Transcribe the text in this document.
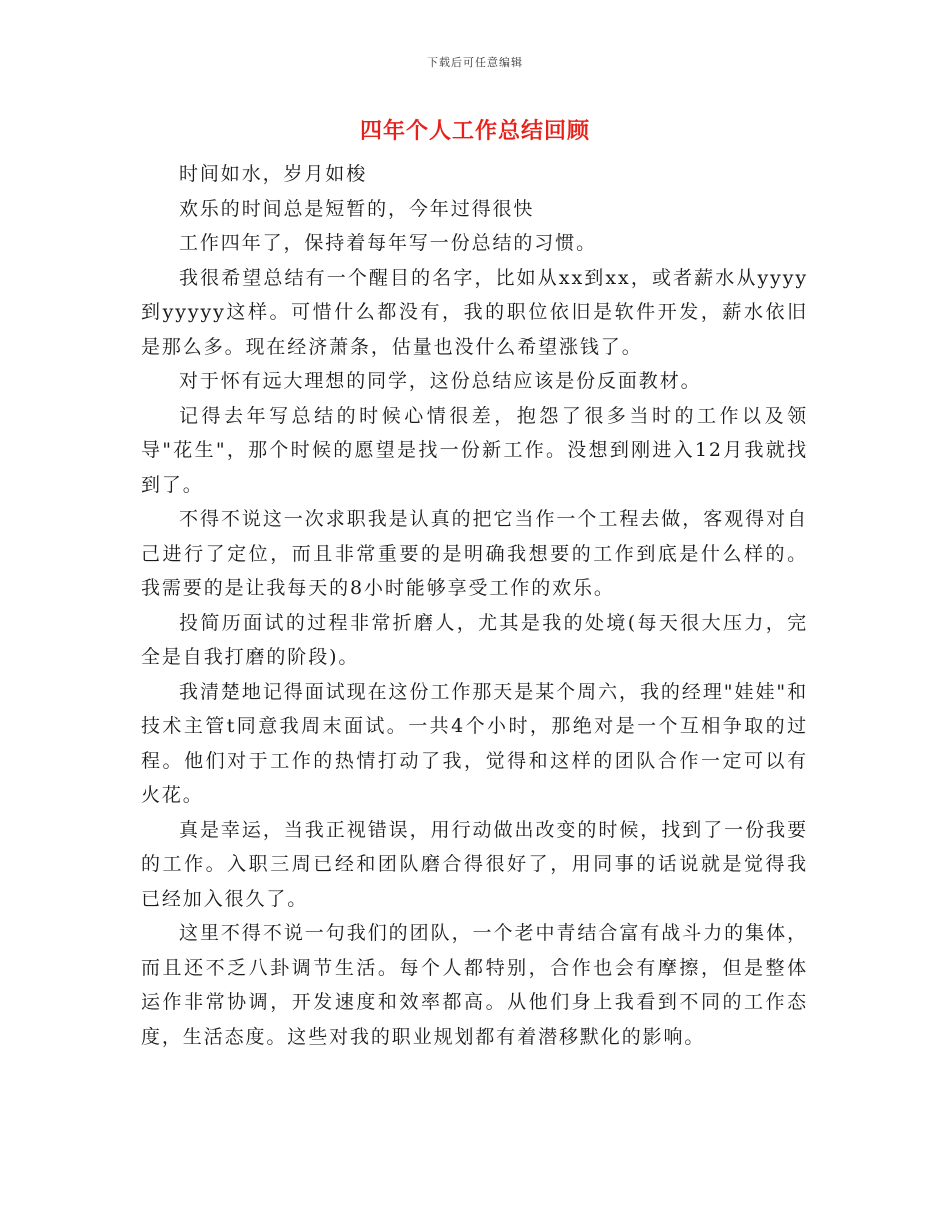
下载后可任意编辑
四年个人工作总结回顾

时间如水，岁月如梭

欢乐的时间总是短暂的，今年过得很快

工作四年了，保持着每年写一份总结的习惯。

我很希望总结有一个醒目的名字，比如从xx到xx，或者薪水从yyyy到yyyyy这样。可惜什么都没有，我的职位依旧是软件开发，薪水依旧是那么多。现在经济萧条，估量也没什么希望涨钱了。

对于怀有远大理想的同学，这份总结应该是份反面教材。

记得去年写总结的时候心情很差，抱怨了很多当时的工作以及领导"花生"，那个时候的愿望是找一份新工作。没想到刚进入12月我就找到了。

不得不说这一次求职我是认真的把它当作一个工程去做，客观得对自己进行了定位，而且非常重要的是明确我想要的工作到底是什么样的。我需要的是让我每天的8小时能够享受工作的欢乐。

投简历面试的过程非常折磨人，尤其是我的处境(每天很大压力，完全是自我打磨的阶段)。

我清楚地记得面试现在这份工作那天是某个周六，我的经理"娃娃"和技术主管t同意我周末面试。一共4个小时，那绝对是一个互相争取的过程。他们对于工作的热情打动了我，觉得和这样的团队合作一定可以有火花。

真是幸运，当我正视错误，用行动做出改变的时候，找到了一份我要的工作。入职三周已经和团队磨合得很好了，用同事的话说就是觉得我已经加入很久了。

这里不得不说一句我们的团队，一个老中青结合富有战斗力的集体，而且还不乏八卦调节生活。每个人都特别，合作也会有摩擦，但是整体运作非常协调，开发速度和效率都高。从他们身上我看到不同的工作态度，生活态度。这些对我的职业规划都有着潜移默化的影响。
